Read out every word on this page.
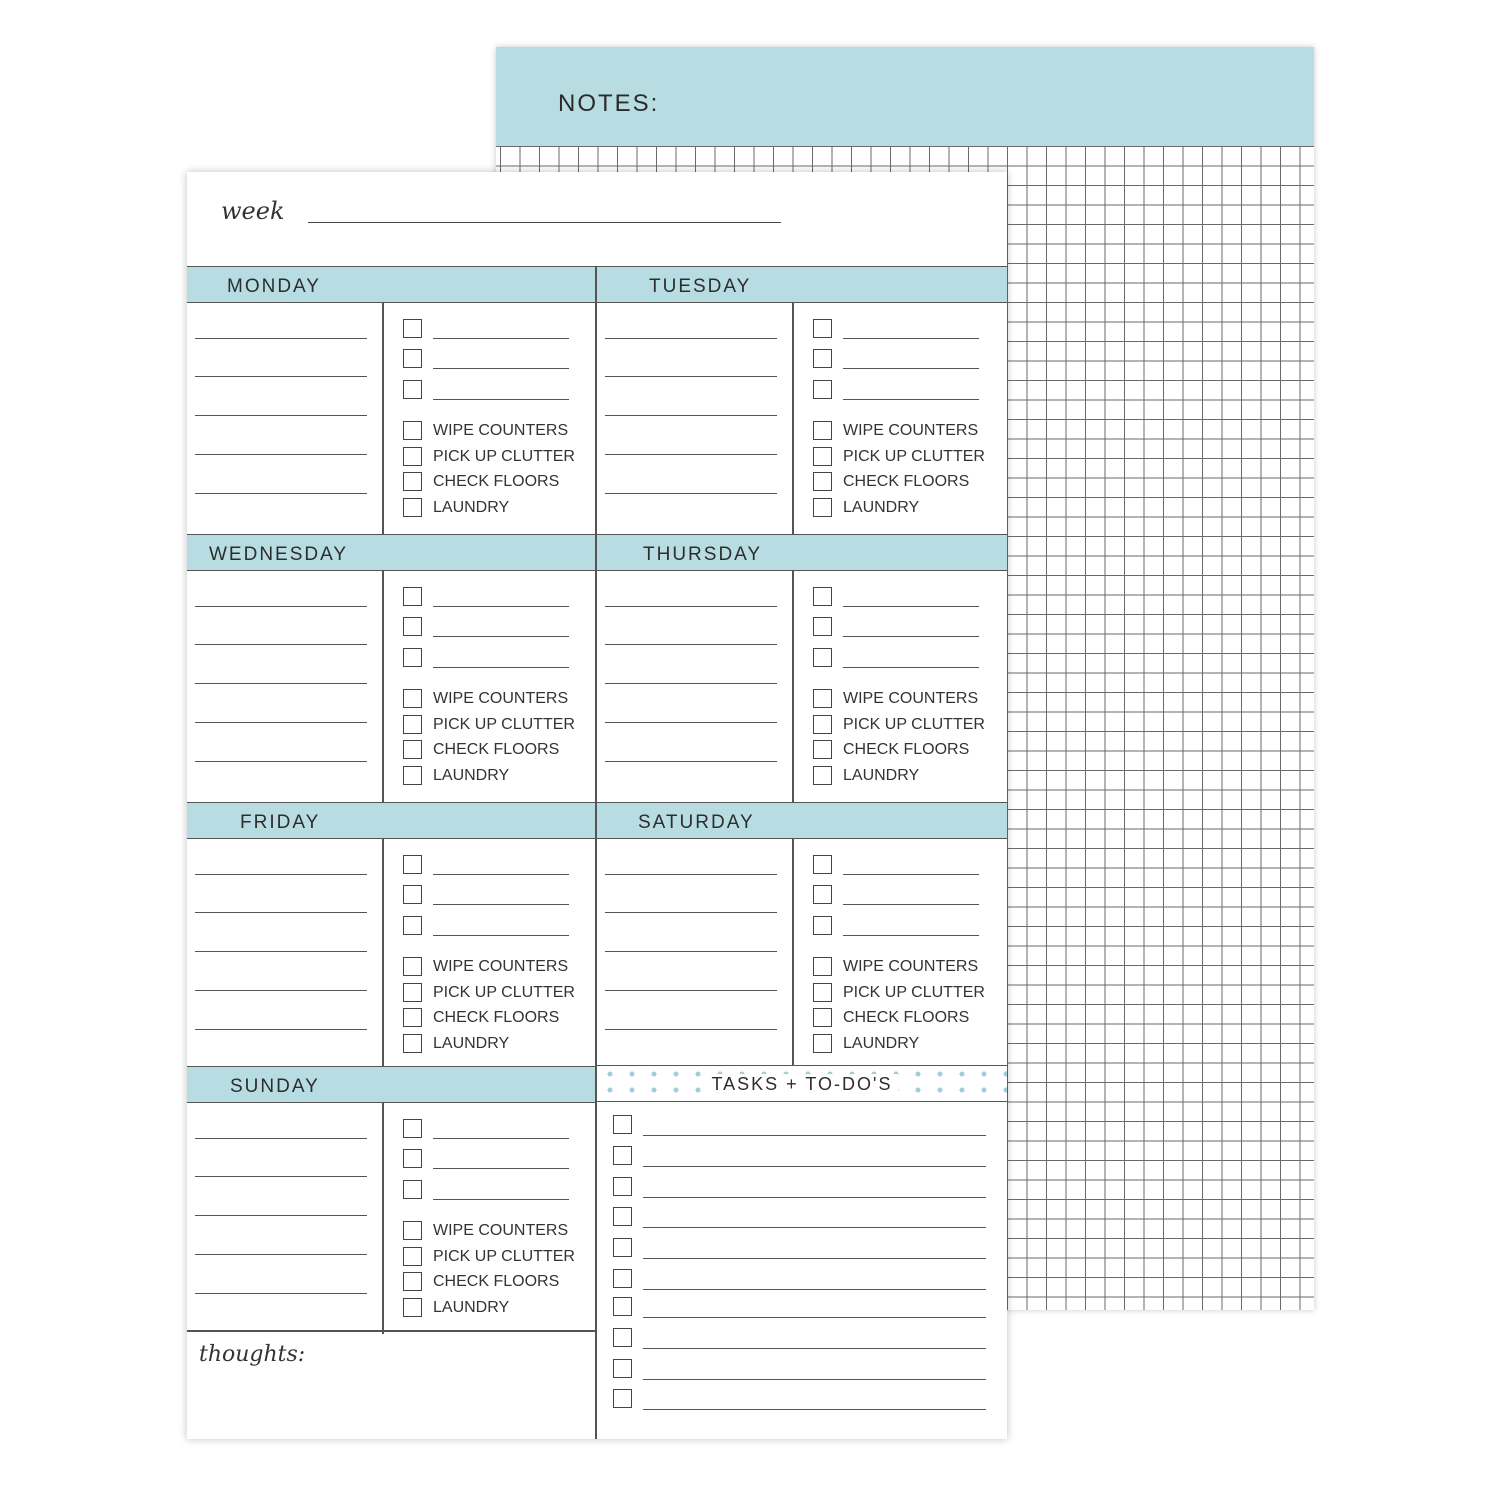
NOTES:
week
MONDAY
WIPE COUNTERS
PICK UP CLUTTER
CHECK FLOORS
LAUNDRY
TUESDAY
WIPE COUNTERS
PICK UP CLUTTER
CHECK FLOORS
LAUNDRY
WEDNESDAY
WIPE COUNTERS
PICK UP CLUTTER
CHECK FLOORS
LAUNDRY
THURSDAY
WIPE COUNTERS
PICK UP CLUTTER
CHECK FLOORS
LAUNDRY
FRIDAY
WIPE COUNTERS
PICK UP CLUTTER
CHECK FLOORS
LAUNDRY
SATURDAY
WIPE COUNTERS
PICK UP CLUTTER
CHECK FLOORS
LAUNDRY
SUNDAY
WIPE COUNTERS
PICK UP CLUTTER
CHECK FLOORS
LAUNDRY
TASKS + TO-DO'S
thoughts:
